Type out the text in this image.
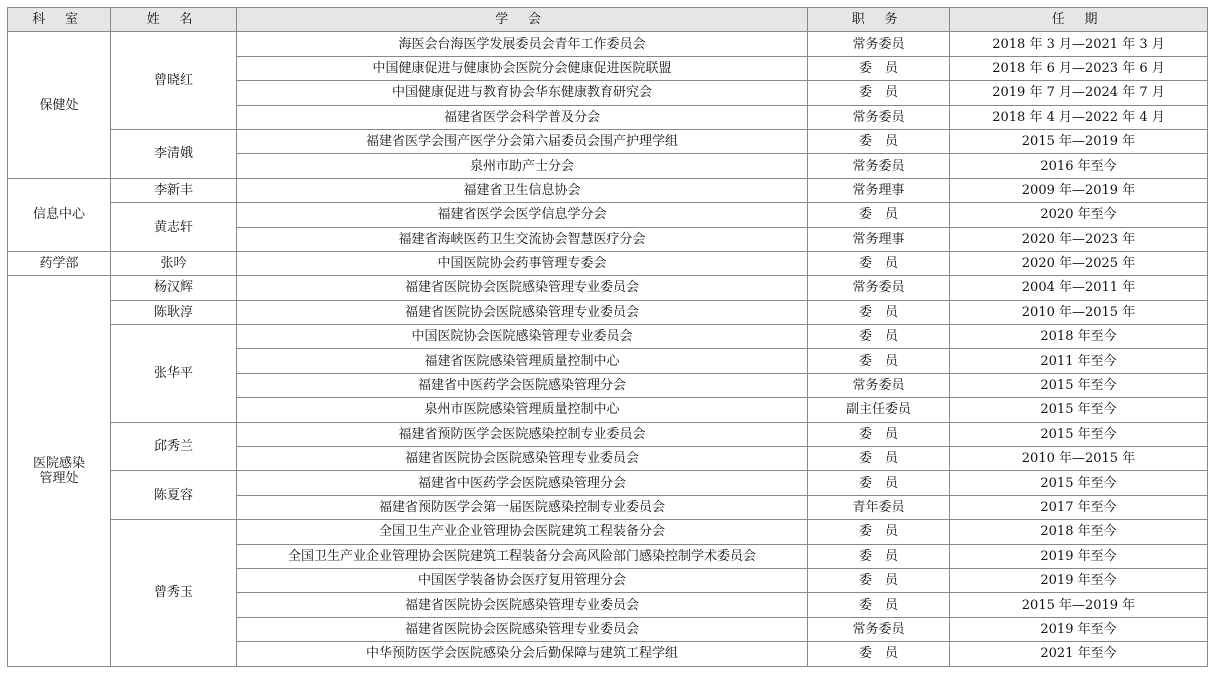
科 室	姓 名	学 会	职 务	任 期
保健处	曾晓红	海医会台海医学发展委员会青年工作委员会	常务委员	2018 年 3 月—2021 年 3 月
		中国健康促进与健康协会医院分会健康促进医院联盟	委　员	2018 年 6 月—2023 年 6 月
		中国健康促进与教育协会华东健康教育研究会	委　员	2019 年 7 月—2024 年 7 月
		福建省医学会科学普及分会	常务委员	2018 年 4 月—2022 年 4 月
	李清娥	福建省医学会围产医学分会第六届委员会围产护理学组	委　员	2015 年—2019 年
		泉州市助产士分会	常务委员	2016 年至今
信息中心	李新丰	福建省卫生信息协会	常务理事	2009 年—2019 年
	黄志轩	福建省医学会医学信息学分会	委　员	2020 年至今
		福建省海峡医药卫生交流协会智慧医疗分会	常务理事	2020 年—2023 年
药学部	张吟	中国医院协会药事管理专委会	委　员	2020 年—2025 年
医院感染
管理处	杨汉辉	福建省医院协会医院感染管理专业委员会	常务委员	2004 年—2011 年
	陈耿淳	福建省医院协会医院感染管理专业委员会	委　员	2010 年—2015 年
	张华平	中国医院协会医院感染管理专业委员会	委　员	2018 年至今
		福建省医院感染管理质量控制中心	委　员	2011 年至今
		福建省中医药学会医院感染管理分会	常务委员	2015 年至今
		泉州市医院感染管理质量控制中心	副主任委员	2015 年至今
	邱秀兰	福建省预防医学会医院感染控制专业委员会	委　员	2015 年至今
		福建省医院协会医院感染管理专业委员会	委　员	2010 年—2015 年
	陈夏容	福建省中医药学会医院感染管理分会	委　员	2015 年至今
		福建省预防医学会第一届医院感染控制专业委员会	青年委员	2017 年至今
	曾秀玉	全国卫生产业企业管理协会医院建筑工程装备分会	委　员	2018 年至今
		全国卫生产业企业管理协会医院建筑工程装备分会高风险部门感染控制学术委员会	委　员	2019 年至今
		中国医学装备协会医疗复用管理分会	委　员	2019 年至今
		福建省医院协会医院感染管理专业委员会	委　员	2015 年—2019 年
		福建省医院协会医院感染管理专业委员会	常务委员	2019 年至今
		中华预防医学会医院感染分会后勤保障与建筑工程学组	委　员	2021 年至今
